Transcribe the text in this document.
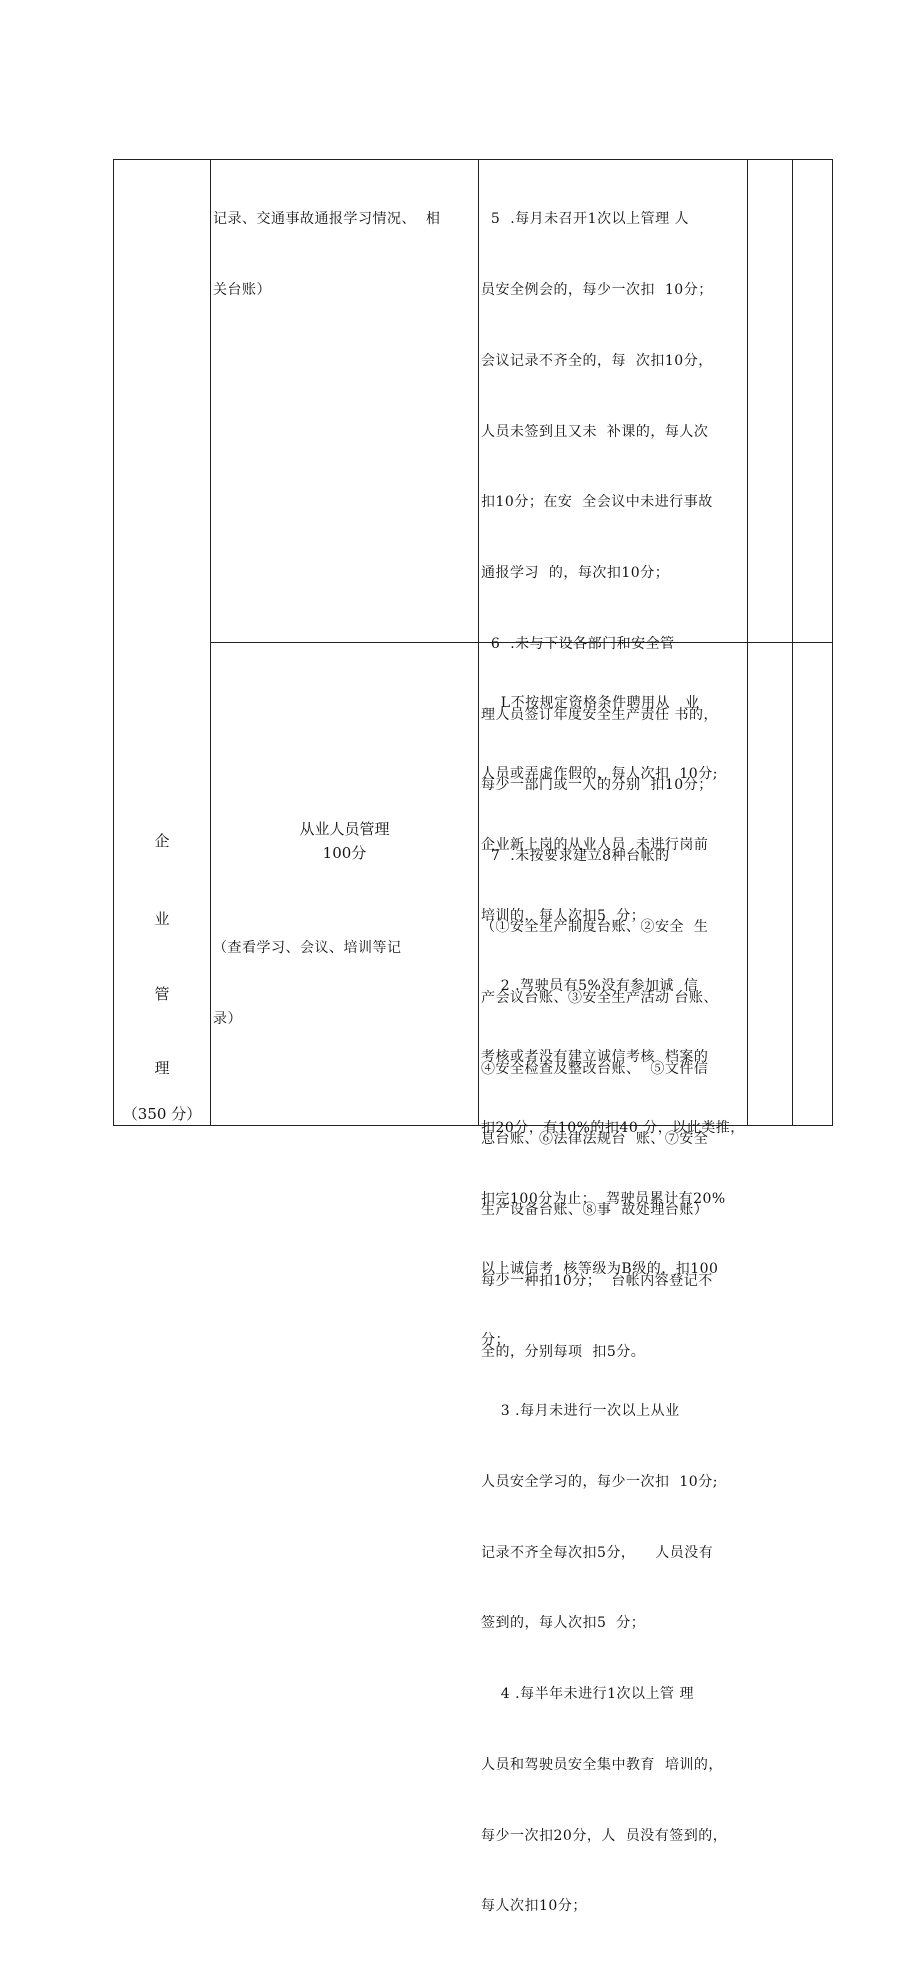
企
业
管
理
（350 分）

记录、交通事故通报学习情况、  相

关台账）

5  .每月未召开1次以上管理 人

员安全例会的，每少一次扣  10分；

会议记录不齐全的，每  次扣10分，

人员未签到且又未  补课的，每人次

扣10分；在安  全会议中未进行事故

通报学习  的，每次扣10分；

6  .未与下设各部门和安全管

理人员签订年度安全生产责任 书的，

每少一部门或一人的分别  扣10分；

7  .未按要求建立8种台帐的

（①安全生产制度台账、②安全  生

产会议台账、③安全生产活动 台账、

④安全检查及整改台账、  ⑤文件信

息台账、⑥法律法规台  账、⑦安全

生产设备台账、⑧事  故处理台账）

每少一种扣10分；  台帐内容登记不

全的，分别每项  扣5分。

从业人员管理
100分

（查看学习、会议、培训等记

录）

L不按规定资格条件聘用从   业

人员或弄虚作假的，每人次扣  10分;

企业新上岗的从业人员  未进行岗前

培训的，每人次扣5  分；

2 .驾驶员有5%没有参加诚  信

考核或者没有建立诚信考核  档案的

扣20分，有10%的扣40 分，以此类推，

扣完100分为止；  驾驶员累计有20%

以上诚信考  核等级为B级的，扣100

分；

3 .每月未进行一次以上从业

人员安全学习的，每少一次扣  10分;

记录不齐全每次扣5分，    人员没有

签到的，每人次扣5  分；

4 .每半年未进行1次以上管 理

人员和驾驶员安全集中教育  培训的，

每少一次扣20分，人  员没有签到的，

每人次扣10分；
